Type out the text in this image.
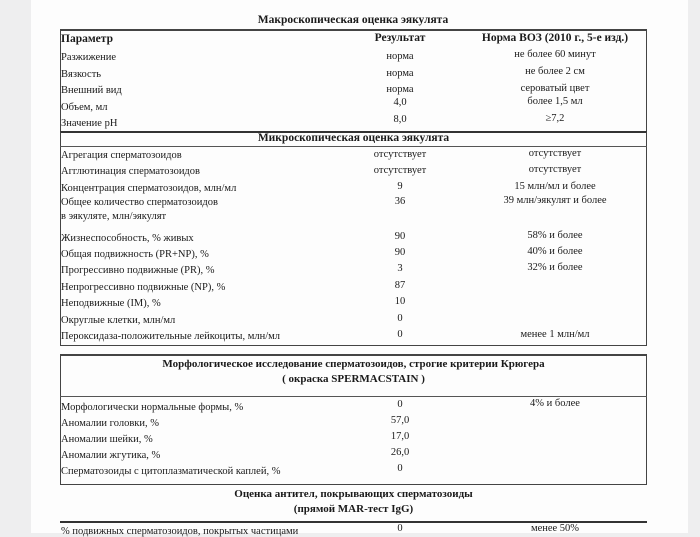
Макроскопическая оценка эякулята
Параметр	Результат	Норма ВОЗ (2010 г., 5-е изд.)
Разжижение	норма	не более 60 минут
Вязкость	норма	не более 2 см
Внешний вид	норма	сероватый цвет
Объем, мл	4,0	более 1,5 мл
Значение pH	8,0	≥7,2
Микроскопическая оценка эякулята
Агрегация сперматозоидов	отсутствует	отсутствует
Агглютинация сперматозоидов	отсутствует	отсутствует
Концентрация сперматозоидов, млн/мл	9	15 млн/мл и более
Общее количество сперматозоидов
в эякуляте, млн/эякулят
36	39 млн/эякулят и более
Жизнеспособность, % живых	90	58% и более
Общая подвижность (PR+NP), %	90	40% и более
Прогрессивно подвижные (PR), %	3	32% и более
Непрогрессивно подвижные (NP), %	87
Неподвижные (IM), %	10
Округлые клетки, млн/мл	0
Пероксидаза-положительные лейкоциты, млн/мл	0	менее 1 млн/мл
Морфологическое исследование сперматозоидов, строгие критерии Крюгера
( окраска SPERMACSTAIN )
Морфологически нормальные формы, %	0	4% и более
Аномалии головки, %	57,0
Аномалии шейки, %	17,0
Аномалии жгутика, %	26,0
Сперматозоиды с цитоплазматической каплей, %	0
Оценка антител, покрывающих сперматозоиды
(прямой MAR-тест IgG)
% подвижных сперматозоидов, покрытых частицами	0	менее 50%
